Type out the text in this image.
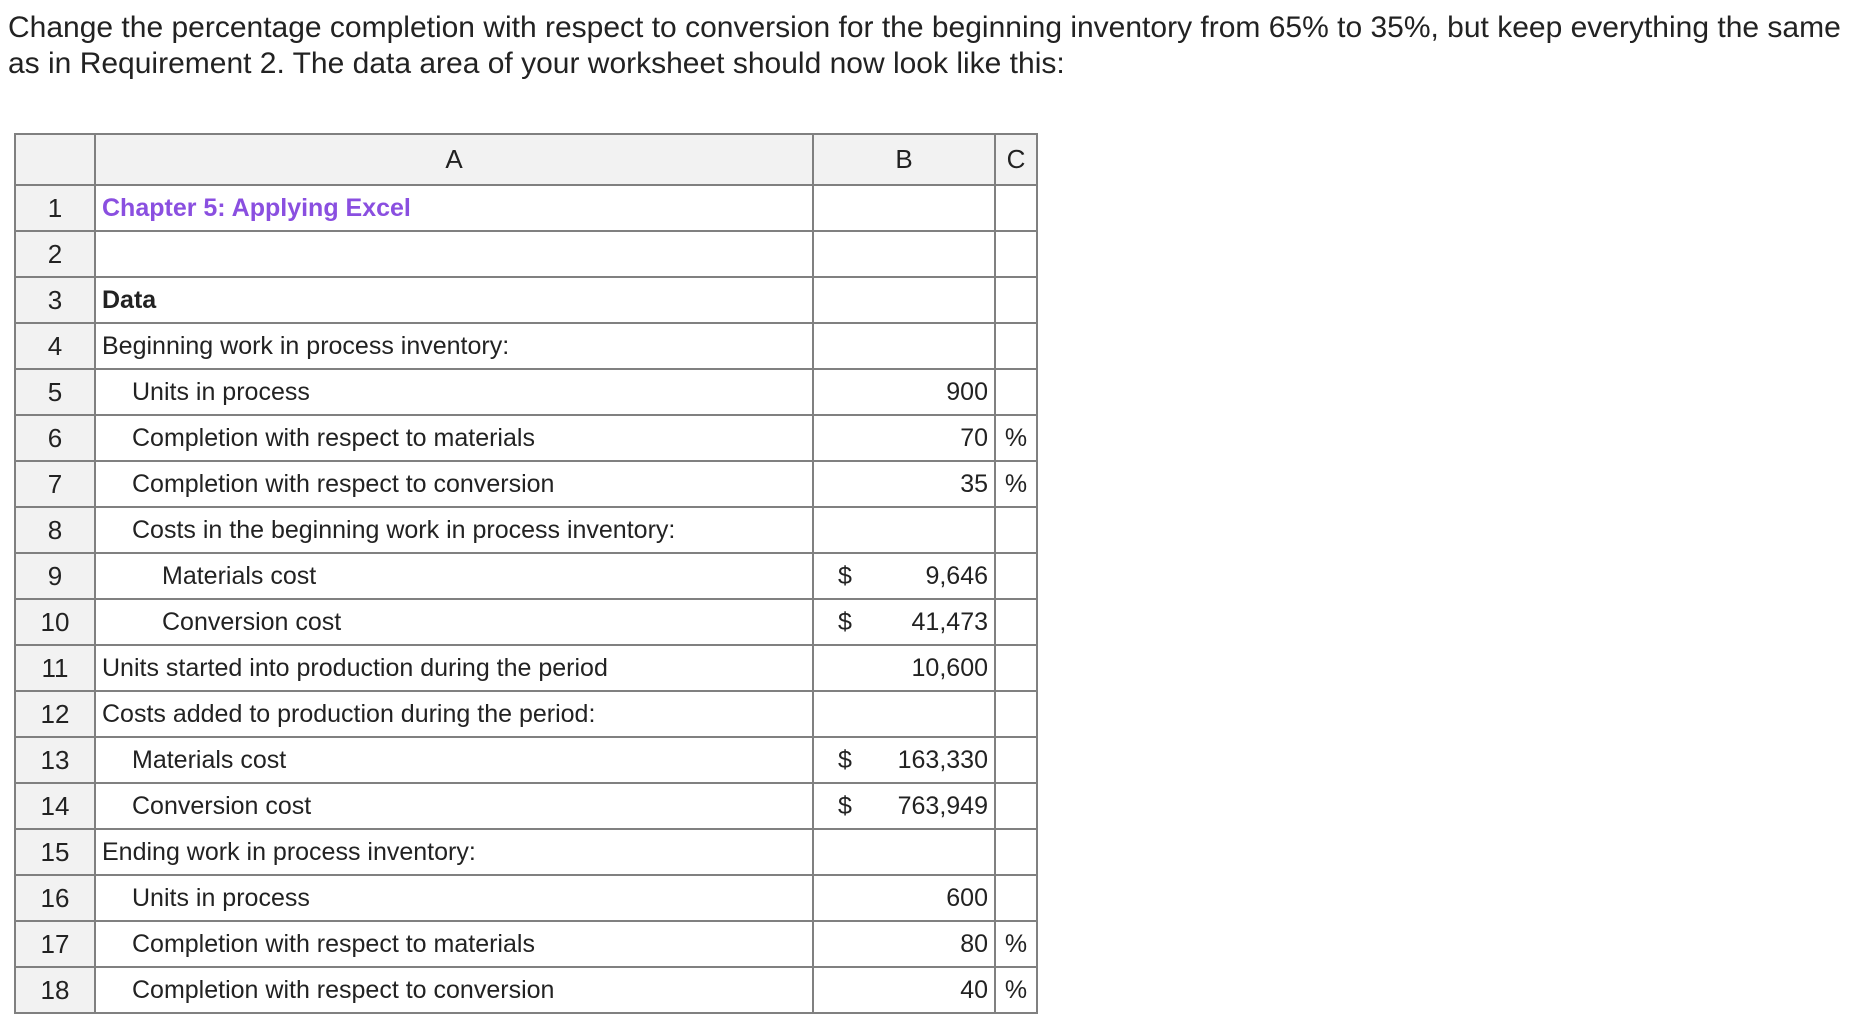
Change the percentage completion with respect to conversion for the beginning inventory from 65% to 35%, but keep everything the same as in Requirement 2. The data area of your worksheet should now look like this:
	A	B	C
1	Chapter 5: Applying Excel	

2		

3	Data	

4	Beginning work in process inventory:	

5	Units in process	900	

6	Completion with respect to materials	70	%
7	Completion with respect to conversion	35	%
8	Costs in the beginning work in process inventory:	

9	Materials cost	$ 9,646	

10	Conversion cost	$ 41,473	

11	Units started into production during the period	10,600	

12	Costs added to production during the period:	

13	Materials cost	$ 163,330	

14	Conversion cost	$ 763,949	

15	Ending work in process inventory:	

16	Units in process	600	

17	Completion with respect to materials	80	%
18	Completion with respect to conversion	40	%
